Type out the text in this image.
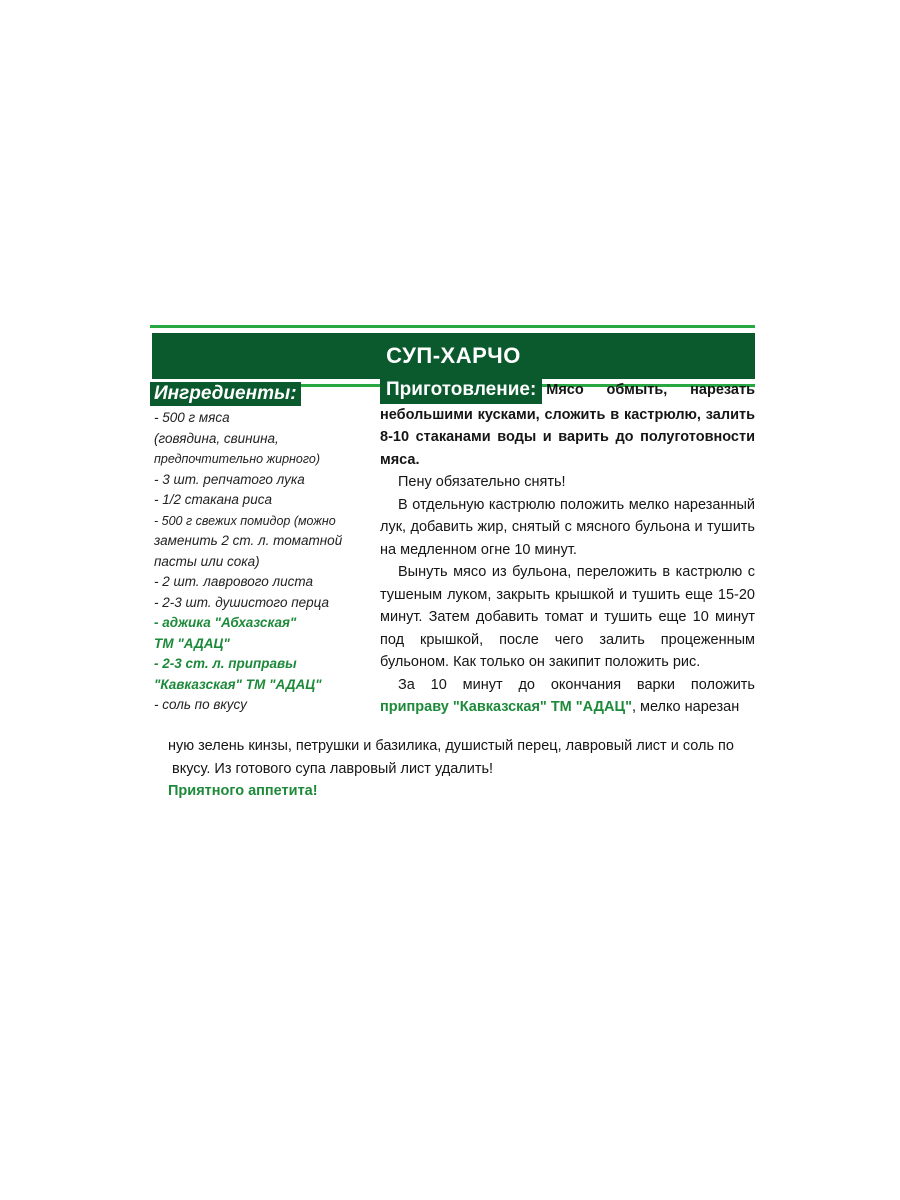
СУП-ХАРЧО
Ингредиенты:
- 500 г мяса
(говядина, свинина,
предпочтительно жирного)
- 3 шт. репчатого лука
- 1/2 стакана риса
- 500 г свежих помидор (можно
заменить 2 ст. л. томатной
пасты или сока)
- 2 шт. лаврового листа
- 2-3 шт. душистого перца
- аджика "Абхазская"
ТМ "АДАЦ"
- 2-3 ст. л. приправы
"Кавказская" ТМ "АДАЦ"
- соль по вкусу

Приготовление: Мясо обмыть, нарезать небольшими кусками, сложить в кастрюлю, залить 8-10 стаканами воды и варить до полуготовности мяса.

Пену обязательно снять!

В отдельную кастрюлю положить мелко нарезанный лук, добавить жир, снятый с мясного бульона и тушить на медленном огне 10 минут.

Вынуть мясо из бульона, переложить в кастрюлю с тушеным луком, закрыть крышкой и тушить еще 15-20 минут. Затем добавить томат и тушить еще 10 минут под крышкой, после чего залить процеженным бульоном. Как только он закипит положить рис.

За 10 минут до окончания варки положить приправу "Кавказская" ТМ "АДАЦ", мелко нарезан

ную зелень кинзы, петрушки и базилика, душистый перец, лавровый лист и соль по
вкусу. Из готового супа лавровый лист удалить!
Приятного аппетита!
